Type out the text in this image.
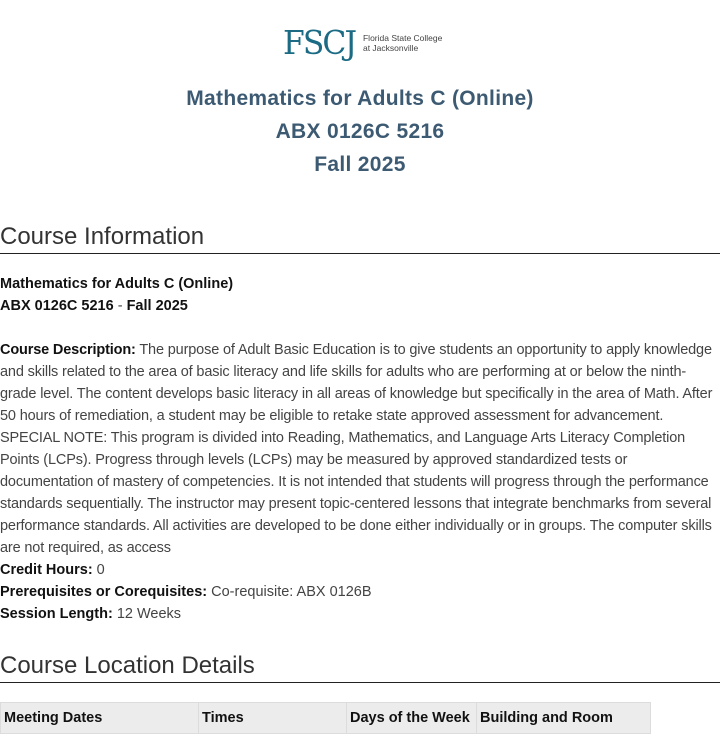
FSCJ Florida State College
at Jacksonville
Mathematics for Adults C (Online)
ABX 0126C 5216
Fall 2025
Course Information
Mathematics for Adults C (Online)
ABX 0126C 5216 - Fall 2025
Course Description: The purpose of Adult Basic Education is to give students an opportunity to apply knowledge and skills related to the area of basic literacy and life skills for adults who are performing at or below the ninth-grade level. The content develops basic literacy in all areas of knowledge but specifically in the area of Math. After 50 hours of remediation, a student may be eligible to retake state approved assessment for advancement. SPECIAL NOTE: This program is divided into Reading, Mathematics, and Language Arts Literacy Completion Points (LCPs). Progress through levels (LCPs) may be measured by approved standardized tests or documentation of mastery of competencies. It is not intended that students will progress through the performance standards sequentially. The instructor may present topic-centered lessons that integrate benchmarks from several performance standards. All activities are developed to be done either individually or in groups. The computer skills are not required, as access
Credit Hours: 0
Prerequisites or Corequisites: Co-requisite: ABX 0126B
Session Length: 12 Weeks
Course Location Details
Meeting Dates	Times	Days of the Week	Building and Room
